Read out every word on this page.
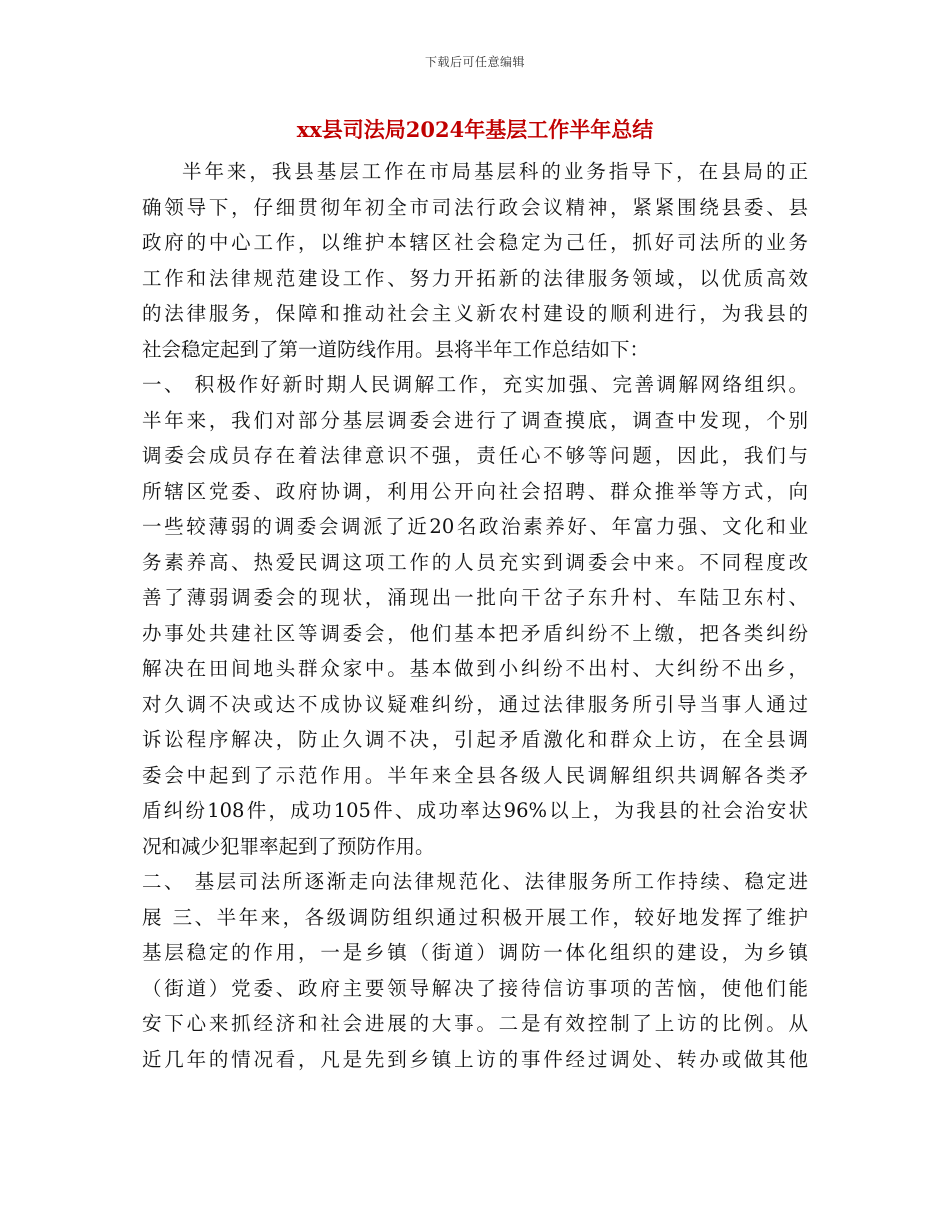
下载后可任意编辑
xx县司法局2024年基层工作半年总结
半年来，我县基层工作在市局基层科的业务指导下，在县局的正
确领导下，仔细贯彻年初全市司法行政会议精神，紧紧围绕县委、县
政府的中心工作，以维护本辖区社会稳定为己任，抓好司法所的业务
工作和法律规范建设工作、努力开拓新的法律服务领域，以优质高效
的法律服务，保障和推动社会主义新农村建设的顺利进行，为我县的
社会稳定起到了第一道防线作用。县将半年工作总结如下：
一、 积极作好新时期人民调解工作，充实加强、完善调解网络组织。
半年来，我们对部分基层调委会进行了调查摸底，调查中发现，个别
调委会成员存在着法律意识不强，责任心不够等问题，因此，我们与
所辖区党委、政府协调，利用公开向社会招聘、群众推举等方式，向
一些较薄弱的调委会调派了近20名政治素养好、年富力强、文化和业
务素养高、热爱民调这项工作的人员充实到调委会中来。不同程度改
善了薄弱调委会的现状，涌现出一批向干岔子东升村、车陆卫东村、
办事处共建社区等调委会，他们基本把矛盾纠纷不上缴，把各类纠纷
解决在田间地头群众家中。基本做到小纠纷不出村、大纠纷不出乡，
对久调不决或达不成协议疑难纠纷，通过法律服务所引导当事人通过
诉讼程序解决，防止久调不决，引起矛盾激化和群众上访，在全县调
委会中起到了示范作用。半年来全县各级人民调解组织共调解各类矛
盾纠纷108件，成功105件、成功率达96%以上，为我县的社会治安状
况和减少犯罪率起到了预防作用。
二、 基层司法所逐渐走向法律规范化、法律服务所工作持续、稳定进
展 三、半年来，各级调防组织通过积极开展工作，较好地发挥了维护
基层稳定的作用，一是乡镇（街道）调防一体化组织的建设，为乡镇
（街道）党委、政府主要领导解决了接待信访事项的苦恼，使他们能
安下心来抓经济和社会进展的大事。二是有效控制了上访的比例。从
近几年的情况看，凡是先到乡镇上访的事件经过调处、转办或做其他
